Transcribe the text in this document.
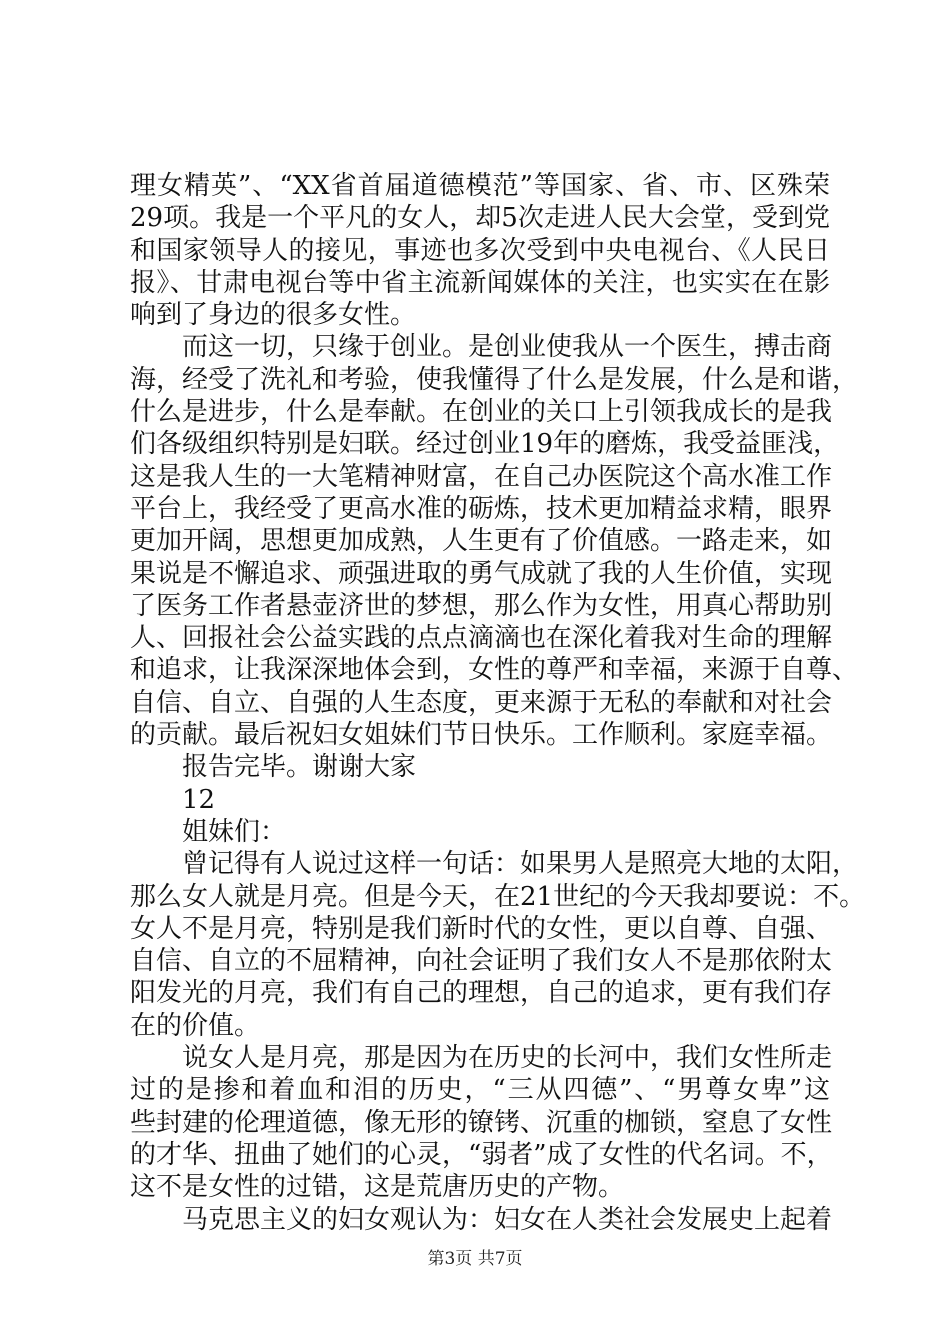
理女精英”、“XX省首届道德模范”等国家、省、市、区殊荣
29项。我是一个平凡的女人，却5次走进人民大会堂，受到党
和国家领导人的接见，事迹也多次受到中央电视台、《人民日
报》、甘肃电视台等中省主流新闻媒体的关注，也实实在在影
响到了身边的很多女性。
而这一切，只缘于创业。是创业使我从一个医生，搏击商
海，经受了洗礼和考验，使我懂得了什么是发展，什么是和谐，
什么是进步，什么是奉献。在创业的关口上引领我成长的是我
们各级组织特别是妇联。经过创业19年的磨炼，我受益匪浅，
这是我人生的一大笔精神财富，在自己办医院这个高水准工作
平台上，我经受了更高水准的砺炼，技术更加精益求精，眼界
更加开阔，思想更加成熟，人生更有了价值感。一路走来，如
果说是不懈追求、顽强进取的勇气成就了我的人生价值，实现
了医务工作者悬壶济世的梦想，那么作为女性，用真心帮助别
人、回报社会公益实践的点点滴滴也在深化着我对生命的理解
和追求，让我深深地体会到，女性的尊严和幸福，来源于自尊、
自信、自立、自强的人生态度，更来源于无私的奉献和对社会
的贡献。最后祝妇女姐妹们节日快乐。工作顺利。家庭幸福。
报告完毕。谢谢大家
12
姐妹们：
曾记得有人说过这样一句话：如果男人是照亮大地的太阳，
那么女人就是月亮。但是今天，在21世纪的今天我却要说：不。
女人不是月亮，特别是我们新时代的女性，更以自尊、自强、
自信、自立的不屈精神，向社会证明了我们女人不是那依附太
阳发光的月亮，我们有自己的理想，自己的追求，更有我们存
在的价值。
说女人是月亮，那是因为在历史的长河中，我们女性所走
过的是掺和着血和泪的历史，“三从四德”、“男尊女卑”这
些封建的伦理道德，像无形的镣铐、沉重的枷锁，窒息了女性
的才华、扭曲了她们的心灵，“弱者”成了女性的代名词。不，
这不是女性的过错，这是荒唐历史的产物。
马克思主义的妇女观认为：妇女在人类社会发展史上起着
第3页 共7页
